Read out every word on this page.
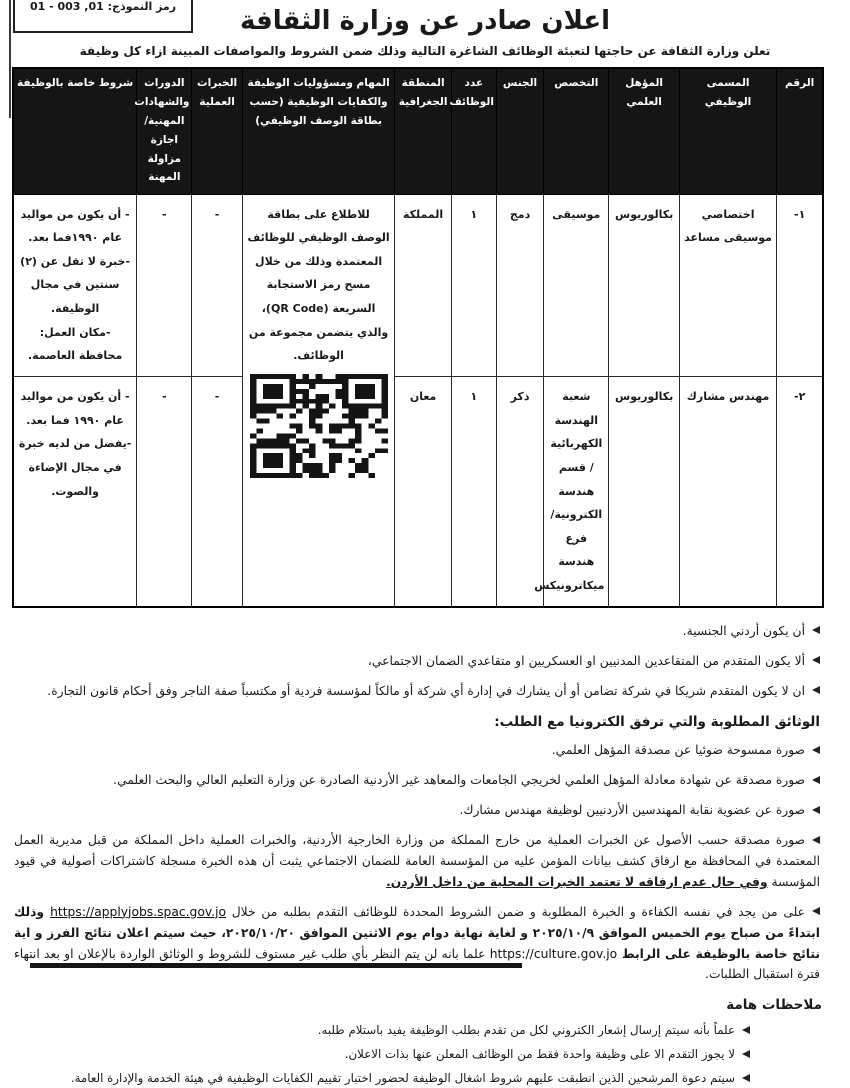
رمز النموذج: 01, 003 - 01	اعلان صادر عن وزارة الثقافة
تعلن وزارة الثقافة عن حاجتها لتعبئة الوظائف الشاغرة التالية وذلك ضمن الشروط والمواصفات المبينة ازاء كل وظيفة
الرقم	المسمى الوظيفي	المؤهل العلمي	التخصص	الجنس	عدد الوظائف	المنطقة الجغرافية	المهام ومسؤوليات الوظيفة والكفايات الوظيفية (حسب بطاقة الوصف الوظيفي)	الخبرات العملية	الدورات والشهادات المهنية/ اجازة مزاولة المهنة	شروط خاصة بالوظيفة
١-	اختصاصي موسيقى مساعد	بكالوريوس	موسيقى	دمج	١	المملكة	للاطلاع على بطاقة الوصف الوظيفي للوظائف المعتمدة وذلك من خلال مسح رمز الاستجابة السريعة (QR Code)، والذي يتضمن مجموعة من الوظائف.	-	-	- أن يكون من مواليد عام ١٩٩٠فما بعد.
-خبرة لا تقل عن (٢) سنتين في مجال الوظيفة.
-مكان العمل: محافظة العاصمة.
٢-	مهندس مشارك	بكالوريوس	شعبة الهندسة الكهربائية / قسم هندسة الكترونية/ فرع هندسة ميكاترونيكس	ذكر	١	معان		-	-	- أن يكون من مواليد عام ١٩٩٠ فما بعد.
-يفضل من لديه خبرة في مجال الإضاءة والصوت.
أن يكون أردني الجنسية.
ألا يكون المتقدم من المتقاعدين المدنيين او العسكريين او متقاعدي الضمان الاجتماعي،
ان لا يكون المتقدم شريكا في شركة تضامن أو أن يشارك في إدارة أي شركة أو مالكاً لمؤسسة فردية أو مكتسباً صفة التاجر وفق أحكام قانون التجارة.
الوثائق المطلوبة والتي ترفق الكترونيا مع الطلب:
صورة ممسوحة ضوئيا عن مصدقة المؤهل العلمي.
صورة مصدقة عن شهادة معادلة المؤهل العلمي لخريجي الجامعات والمعاهد غير الأردنية الصادرة عن وزارة التعليم العالي والبحث العلمي.
صورة عن عضوية نقابة المهندسين الأردنيين لوظيفة مهندس مشارك.
صورة مصدقة حسب الأصول عن الخبرات العملية من خارج المملكة من وزارة الخارجية الأردنية، والخبرات العملية داخل المملكة من قبل مديرية العمل المعتمدة في المحافظة مع ارفاق كشف بيانات المؤمن عليه من المؤسسة العامة للضمان الاجتماعي يثبت أن هذه الخبرة مسجلة كاشتراكات أصولية في قيود المؤسسة وفي حال عدم ارفاقه لا تعتمد الخبرات المحلية من داخل الأردن.
على من يجد في نفسه الكفاءة و الخبرة المطلوبة و ضمن الشروط المحددة للوظائف التقدم بطلبه من خلال https://applyjobs.spac.gov.jo وذلك ابتداءً من صباح يوم الخميس الموافق ٢٠٢٥/١٠/٩ و لغاية نهاية دوام يوم الاثنين الموافق ٢٠٢٥/١٠/٢٠، حيث سيتم اعلان نتائج الفرز و اية نتائج خاصة بالوظيفة على الرابط https://culture.gov.jo علما بانه لن يتم النظر بأي طلب غير مستوف للشروط و الوثائق الواردة بالإعلان او بعد انتهاء فترة استقبال الطلبات.
ملاحظات هامة
علماً بأنه سيتم إرسال إشعار الكتروني لكل من تقدم بطلب الوظيفة يفيد باستلام طلبه.
لا يجوز التقدم الا على وظيفة واحدة فقط من الوظائف المعلن عنها بذات الاعلان.
سيتم دعوة المرشحين الذين انطبقت عليهم شروط اشغال الوظيفة لحضور اختبار تقييم الكفايات الوظيفية في هيئة الخدمة والإدارة العامة.
